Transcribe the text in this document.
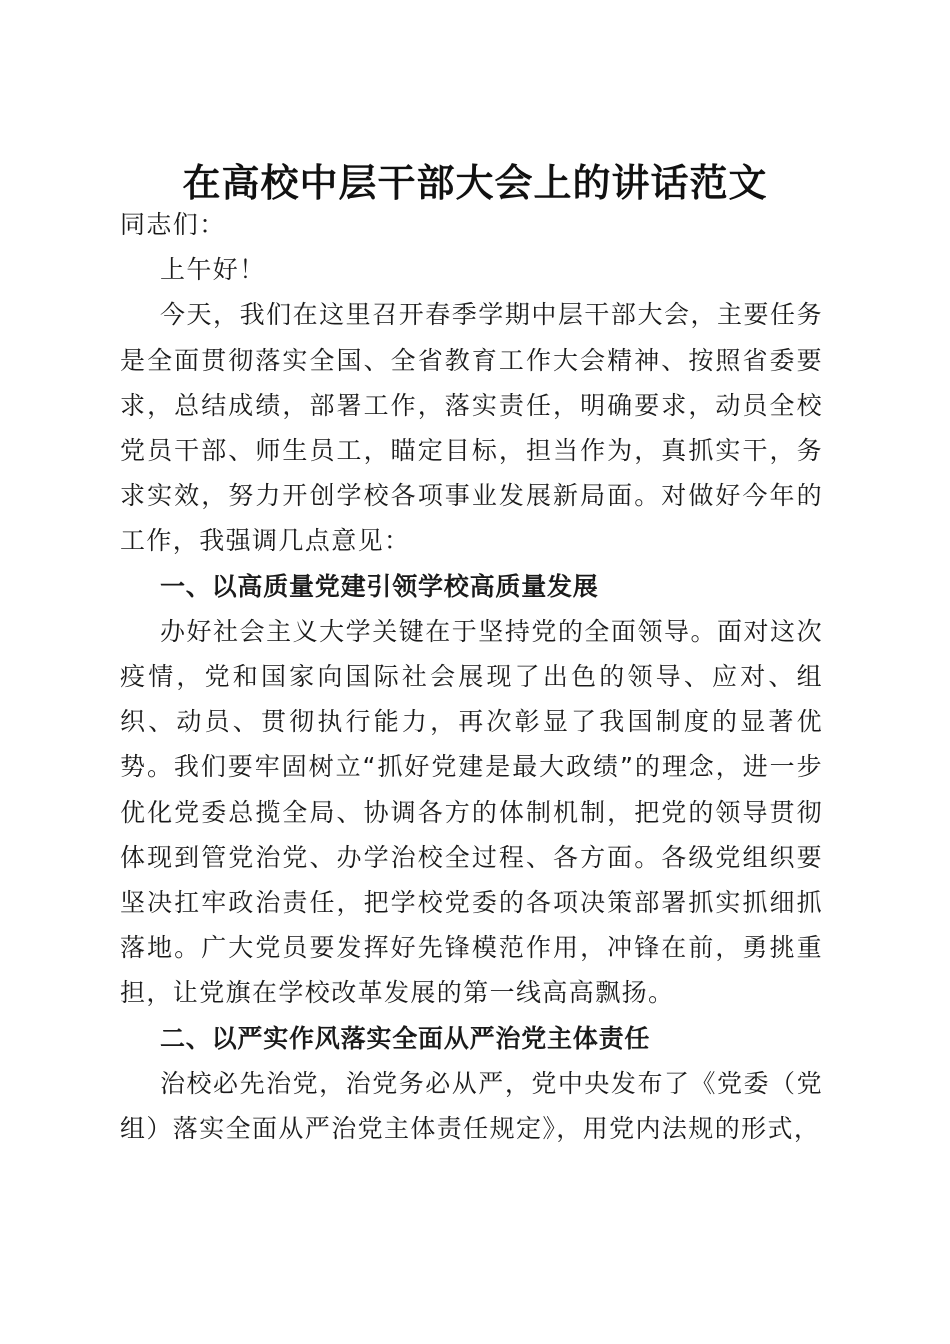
在高校中层干部大会上的讲话范文

同志们：

上午好！

今天，我们在这里召开春季学期中层干部大会，主要任务是全面贯彻落实全国、全省教育工作大会精神、按照省委要求，总结成绩，部署工作，落实责任，明确要求，动员全校党员干部、师生员工，瞄定目标，担当作为，真抓实干，务求实效，努力开创学校各项事业发展新局面。对做好今年的工作，我强调几点意见：

一、以高质量党建引领学校高质量发展

办好社会主义大学关键在于坚持党的全面领导。面对这次疫情，党和国家向国际社会展现了出色的领导、应对、组织、动员、贯彻执行能力，再次彰显了我国制度的显著优势。我们要牢固树立“抓好党建是最大政绩”的理念，进一步优化党委总揽全局、协调各方的体制机制，把党的领导贯彻体现到管党治党、办学治校全过程、各方面。各级党组织要坚决扛牢政治责任，把学校党委的各项决策部署抓实抓细抓落地。广大党员要发挥好先锋模范作用，冲锋在前，勇挑重担，让党旗在学校改革发展的第一线高高飘扬。

二、以严实作风落实全面从严治党主体责任

治校必先治党，治党务必从严，党中央发布了《党委（党组）落实全面从严治党主体责任规定》，用党内法规的形式，
